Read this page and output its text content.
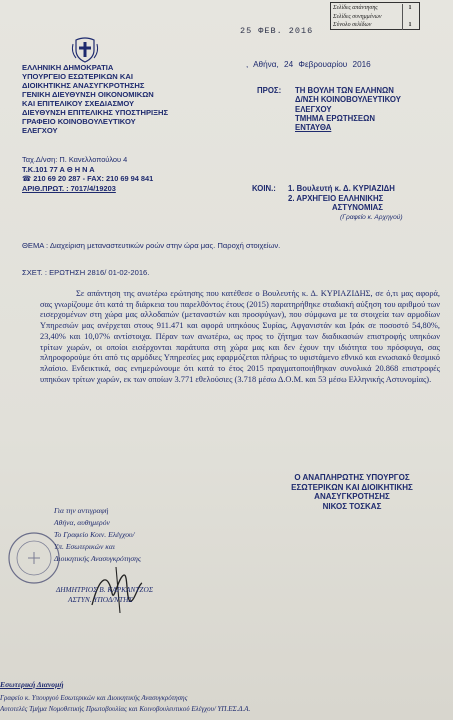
Σελίδες απάντησης	1
Σελίδες συνημμένων
Σύνολο σελίδων	1
25 ΦΕΒ. 2016
ΕΛΛΗΝΙΚΗ ΔΗΜΟΚΡΑΤΙΑ
ΥΠΟΥΡΓΕΙΟ ΕΣΩΤΕΡΙΚΩΝ ΚΑΙ
ΔΙΟΙΚΗΤΙΚΗΣ ΑΝΑΣΥΓΚΡΟΤΗΣΗΣ
ΓΕΝΙΚΗ ΔΙΕΥΘΥΝΣΗ ΟΙΚΟΝΟΜΙΚΩΝ
ΚΑΙ ΕΠΙΤΕΛΙΚΟΥ ΣΧΕΔΙΑΣΜΟΥ
ΔΙΕΥΘΥΝΣΗ ΕΠΙΤΕΛΙΚΗΣ ΥΠΟΣΤΗΡΙΞΗΣ
ΓΡΑΦΕΙΟ ΚΟΙΝΟΒΟΥΛΕΥΤΙΚΟΥ
ΕΛΕΓΧΟΥ
Ταχ.Δ/νση: Π. Κανελλοπούλου 4
Τ.Κ.101 77 Α Θ Η Ν Α
☎ 210 69 20 287 - FAX: 210 69 94 841
ΑΡΙΘ.ΠΡΩΤ. : 7017/4/19203
, Αθήνα, 24 Φεβρουαρίου 2016
ΠΡΟΣ: ΤΗ ΒΟΥΛΗ ΤΩΝ ΕΛΛΗΝΩΝ
Δ/ΝΣΗ ΚΟΙΝΟΒΟΥΛΕΥΤΙΚΟΥ
ΕΛΕΓΧΟΥ
ΤΜΗΜΑ ΕΡΩΤΗΣΕΩΝ
ΕΝΤΑΥΘΑ
ΚΟΙΝ.: 1. Βουλευτή κ. Δ. ΚΥΡΙΑΖΙΔΗ
2. ΑΡΧΗΓΕΙΟ ΕΛΛΗΝΙΚΗΣ
ΑΣΤΥΝΟΜΙΑΣ
(Γραφείο κ. Αρχηγού)
ΘΕΜΑ : Διαχείριση μεταναστευτικών ροών στην ώρα μας. Παροχή στοιχείων.
ΣΧΕΤ. : ΕΡΩΤΗΣΗ 2816/ 01-02-2016.
Σε απάντηση της ανωτέρω ερώτησης που κατέθεσε ο Βουλευτής κ. Δ. ΚΥΡΙΑΖΙΔΗΣ, σε ό,τι μας αφορά, σας γνωρίζουμε ότι κατά τη διάρκεια του παρελθόντος έτους (2015) παρατηρήθηκε σταδιακή αύξηση του αριθμού των εισερχομένων στη χώρα μας αλλοδαπών (μεταναστών και προσφύγων), που σύμφωνα με τα στοιχεία των αρμοδίων Υπηρεσιών μας ανέρχεται στους 911.471 και αφορά υπηκόους Συρίας, Αφγανιστάν και Ιράκ σε ποσοστό 54,80%, 23,40% και 10,07% αντίστοιχα. Πέραν των ανωτέρω, ως προς το ζήτημα των διαδικασιών επιστροφής υπηκόων τρίτων χωρών, οι οποίοι εισέρχονται παράτυπα στη χώρα μας και δεν έχουν την ιδιότητα του πρόσφυγα, σας πληροφορούμε ότι από τις αρμόδιες Υπηρεσίες μας εφαρμόζεται πλήρως το υφιστάμενο εθνικό και ενωσιακό θεσμικό πλαίσιο. Ενδεικτικά, σας ενημερώνουμε ότι κατά το έτος 2015 πραγματοποιήθηκαν συνολικά 20.868 επιστροφές υπηκόων τρίτων χωρών, εκ των οποίων 3.771 εθελούσιες (3.718 μέσω Δ.Ο.Μ. και 53 μέσω Ελληνικής Αστυνομίας).
Ο ΑΝΑΠΛΗΡΩΤΗΣ ΥΠΟΥΡΓΟΣ
ΕΣΩΤΕΡΙΚΩΝ ΚΑΙ ΔΙΟΙΚΗΤΙΚΗΣ
ΑΝΑΣΥΓΚΡΟΤΗΣΗΣ
ΝΙΚΟΣ ΤΟΣΚΑΣ
Για την αντιγραφή
Αθήνα, αυθημερόν
Το Γραφείο Κοιν. Ελέγχου/
Υπ. Εσωτερικών και
Διοικητικής Ανασυγκρότησης
ΔΗΜΗΤΡΙΟΣ Β. ΚΑΡΚΑΝΤΖΟΣ
ΑΣΤΥΝ. ΥΠΟΔ/ΝΤΗΣ
Εσωτερική Διανομή
Γραφείο κ. Υπουργού Εσωτερικών και Διοικητικής Ανασυγκρότησης
Αυτοτελές Τμήμα Νομοθετικής Πρωτοβουλίας και Κοινοβουλευτικού Ελέγχου/ ΥΠ.ΕΣ.Δ.Α.
